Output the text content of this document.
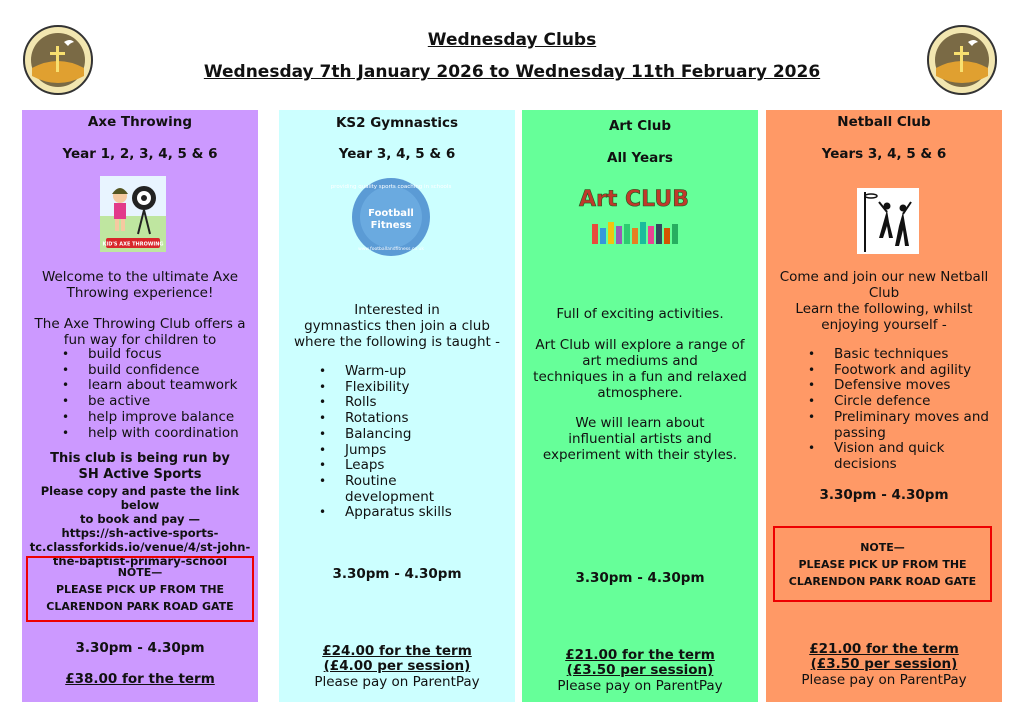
Wednesday Clubs
Wednesday 7th January 2026 to Wednesday 11th February 2026
Axe Throwing
Year 1, 2, 3, 4, 5 & 6
KID'S AXE THROWING
Welcome to the ultimate Axe
Throwing experience!
The Axe Throwing Club offers a
fun way for children to
• build focus
• build confidence
• learn about teamwork
• be active
• help improve balance
• help with coordination
This club is being run by
SH Active Sports
Please copy and paste the link below
to book and pay —
https://sh-active-sports-
tc.classforkids.io/venue/4/st-john-
the-baptist-primary-school
NOTE—
PLEASE PICK UP FROM THE
CLARENDON PARK ROAD GATE
3.30pm - 4.30pm
£38.00 for the term
KS2 Gymnastics
Year 3, 4, 5 & 6
providing quality sports coaching in schools
Football
Fitness
www.footballandfitness.co.uk
Interested in
gymnastics then join a club
where the following is taught -
• Warm-up
• Flexibility
• Rolls
• Rotations
• Balancing
• Jumps
• Leaps
• Routine development
• Apparatus skills
3.30pm - 4.30pm
£24.00 for the term
(£4.00 per session)
Please pay on ParentPay
Art Club
All Years
Art CLUB
Full of exciting activities.
Art Club will explore a range of
art mediums and
techniques in a fun and relaxed
atmosphere.
We will learn about
influential artists and
experiment with their styles.
3.30pm - 4.30pm
£21.00 for the term
(£3.50 per session)
Please pay on ParentPay
Netball Club
Years 3, 4, 5 & 6
Come and join our new Netball
Club
Learn the following, whilst
enjoying yourself -
• Basic techniques
• Footwork and agility
• Defensive moves
• Circle defence
• Preliminary moves and passing
• Vision and quick decisions
3.30pm - 4.30pm
NOTE—
PLEASE PICK UP FROM THE
CLARENDON PARK ROAD GATE
£21.00 for the term
(£3.50 per session)
Please pay on ParentPay
